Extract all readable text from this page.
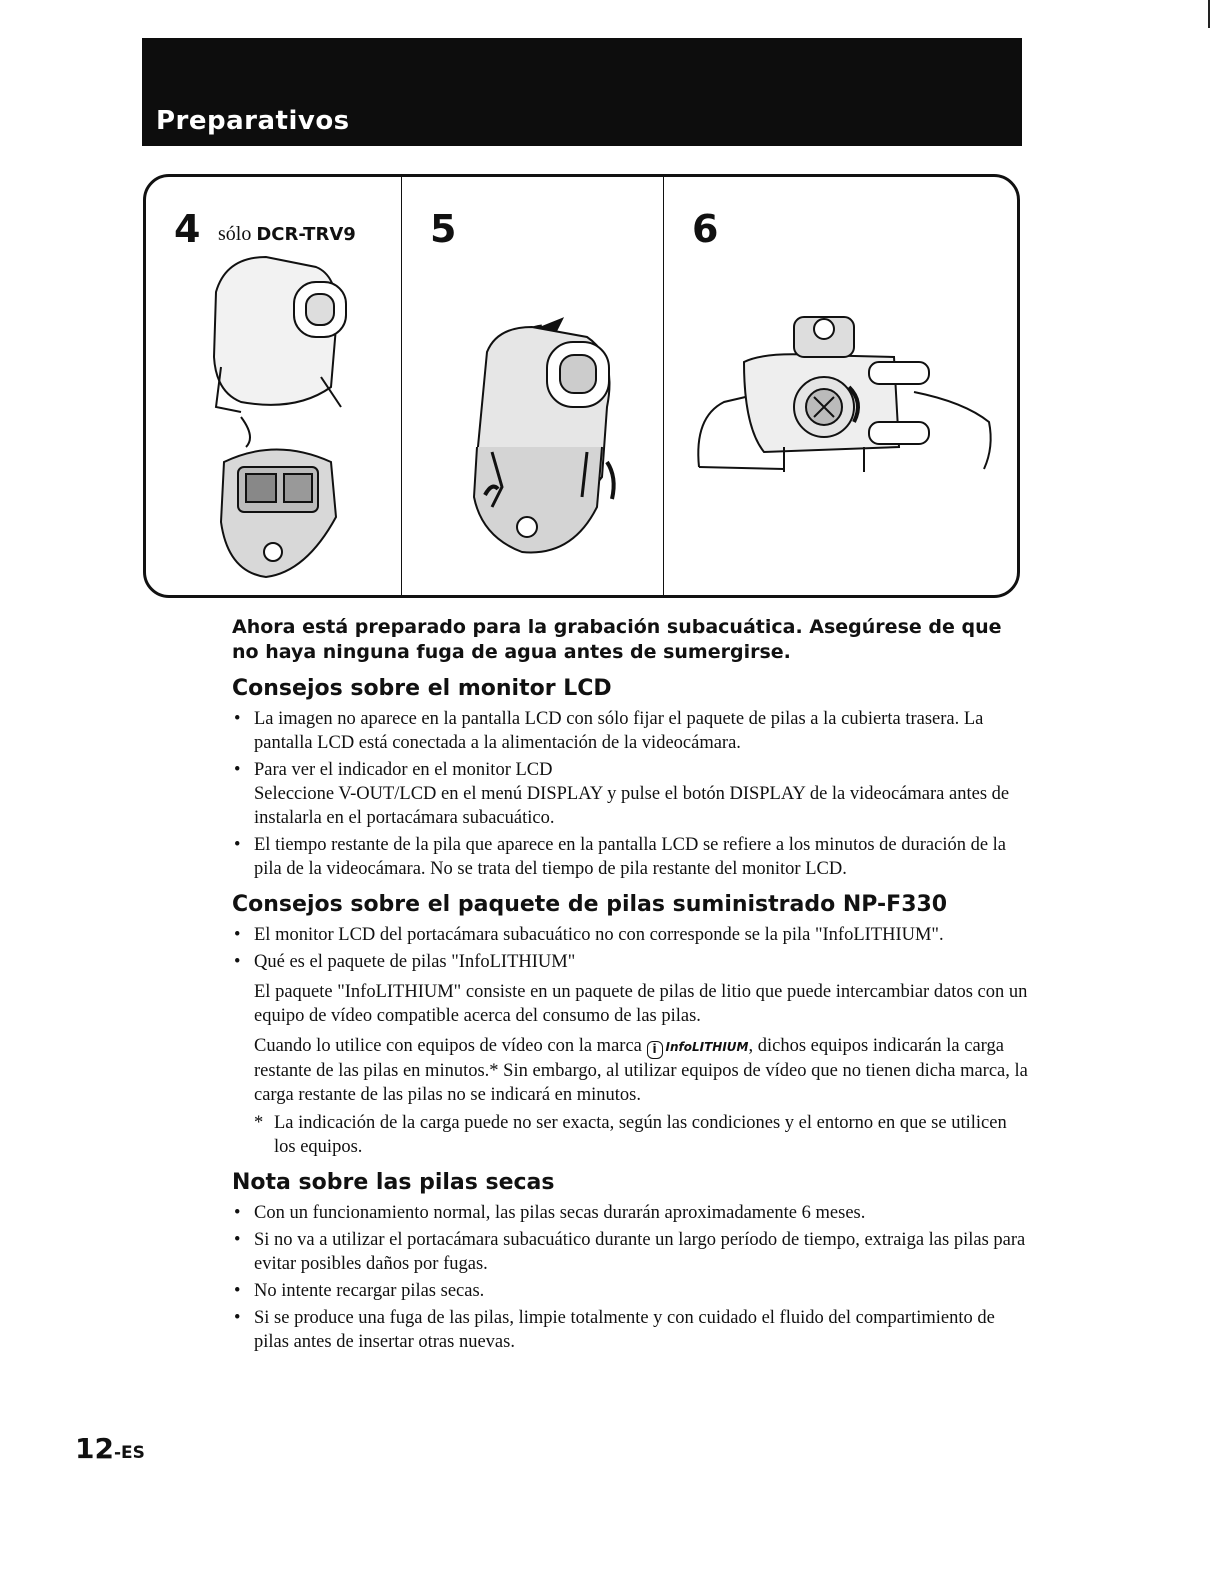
Preparativos
4 sólo DCR-TRV9 5	6

Ahora está preparado para la grabación subacuática. Asegúrese de que no haya ninguna fuga de agua antes de sumergirse.

Consejos sobre el monitor LCD
• La imagen no aparece en la pantalla LCD con sólo fijar el paquete de pilas a la cubierta trasera. La pantalla LCD está conectada a la alimentación de la videocámara.
• Para ver el indicador en el monitor LCD
Seleccione V-OUT/LCD en el menú DISPLAY y pulse el botón DISPLAY de la videocámara antes de instalarla en el portacámara subacuático.
• El tiempo restante de la pila que aparece en la pantalla LCD se refiere a los minutos de duración de la pila de la videocámara. No se trata del tiempo de pila restante del monitor LCD.
Consejos sobre el paquete de pilas suministrado NP-F330
• El monitor LCD del portacámara subacuático no con corresponde se la pila "InfoLITHIUM".
• Qué es el paquete de pilas "InfoLITHIUM"
El paquete "InfoLITHIUM" consiste en un paquete de pilas de litio que puede intercambiar datos con un equipo de vídeo compatible acerca del consumo de las pilas.
Cuando lo utilice con equipos de vídeo con la marca i InfoLITHIUM, dichos equipos indicarán la carga restante de las pilas en minutos.* Sin embargo, al utilizar equipos de vídeo que no tienen dicha marca, la carga restante de las pilas no se indicará en minutos.
* La indicación de la carga puede no ser exacta, según las condiciones y el entorno en que se utilicen los equipos.
Nota sobre las pilas secas
• Con un funcionamiento normal, las pilas secas durarán aproximadamente 6 meses.
• Si no va a utilizar el portacámara subacuático durante un largo período de tiempo, extraiga las pilas para evitar posibles daños por fugas.
• No intente recargar pilas secas.
• Si se produce una fuga de las pilas, limpie totalmente y con cuidado el fluido del compartimiento de pilas antes de insertar otras nuevas.
12-ES
